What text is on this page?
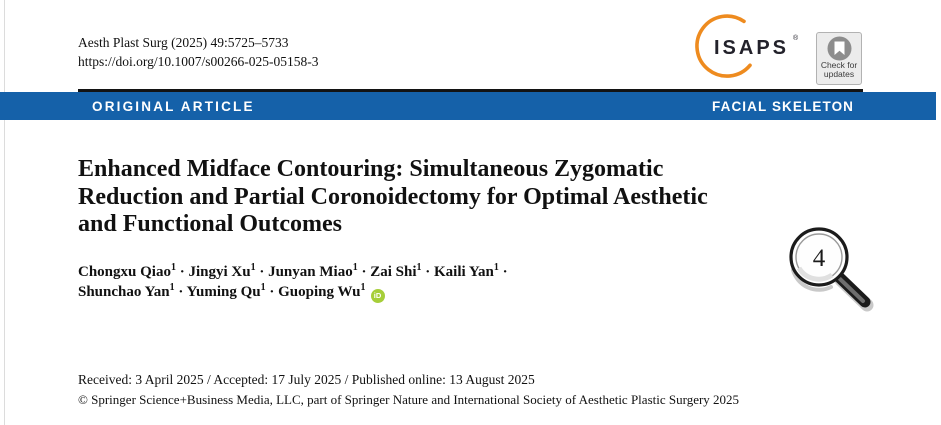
Aesth Plast Surg (2025) 49:5725–5733
https://doi.org/10.1007/s00266-025-05158-3
ISAPS ®
Check for
updates
ORIGINAL ARTICLE	FACIAL SKELETON
Enhanced Midface Contouring: Simultaneous Zygomatic
Reduction and Partial Coronoidectomy for Optimal Aesthetic
and Functional Outcomes
Chongxu Qiao$^1$ · Jingyi $Xu^1$ · Junyan Miao$^1$ · Zai Shi$^1$ · Kaili Yan$^1$ ·
Shunchao Yan$^1$ · Yuming $Qu^1$ · Guoping Wu$^1$iD
4
Received: 3 April 2025 / Accepted: 17 July 2025 / Published online: 13 August 2025
© Springer Science+Business Media, LLC, part of Springer Nature and International Society of Aesthetic Plastic Surgery 2025
